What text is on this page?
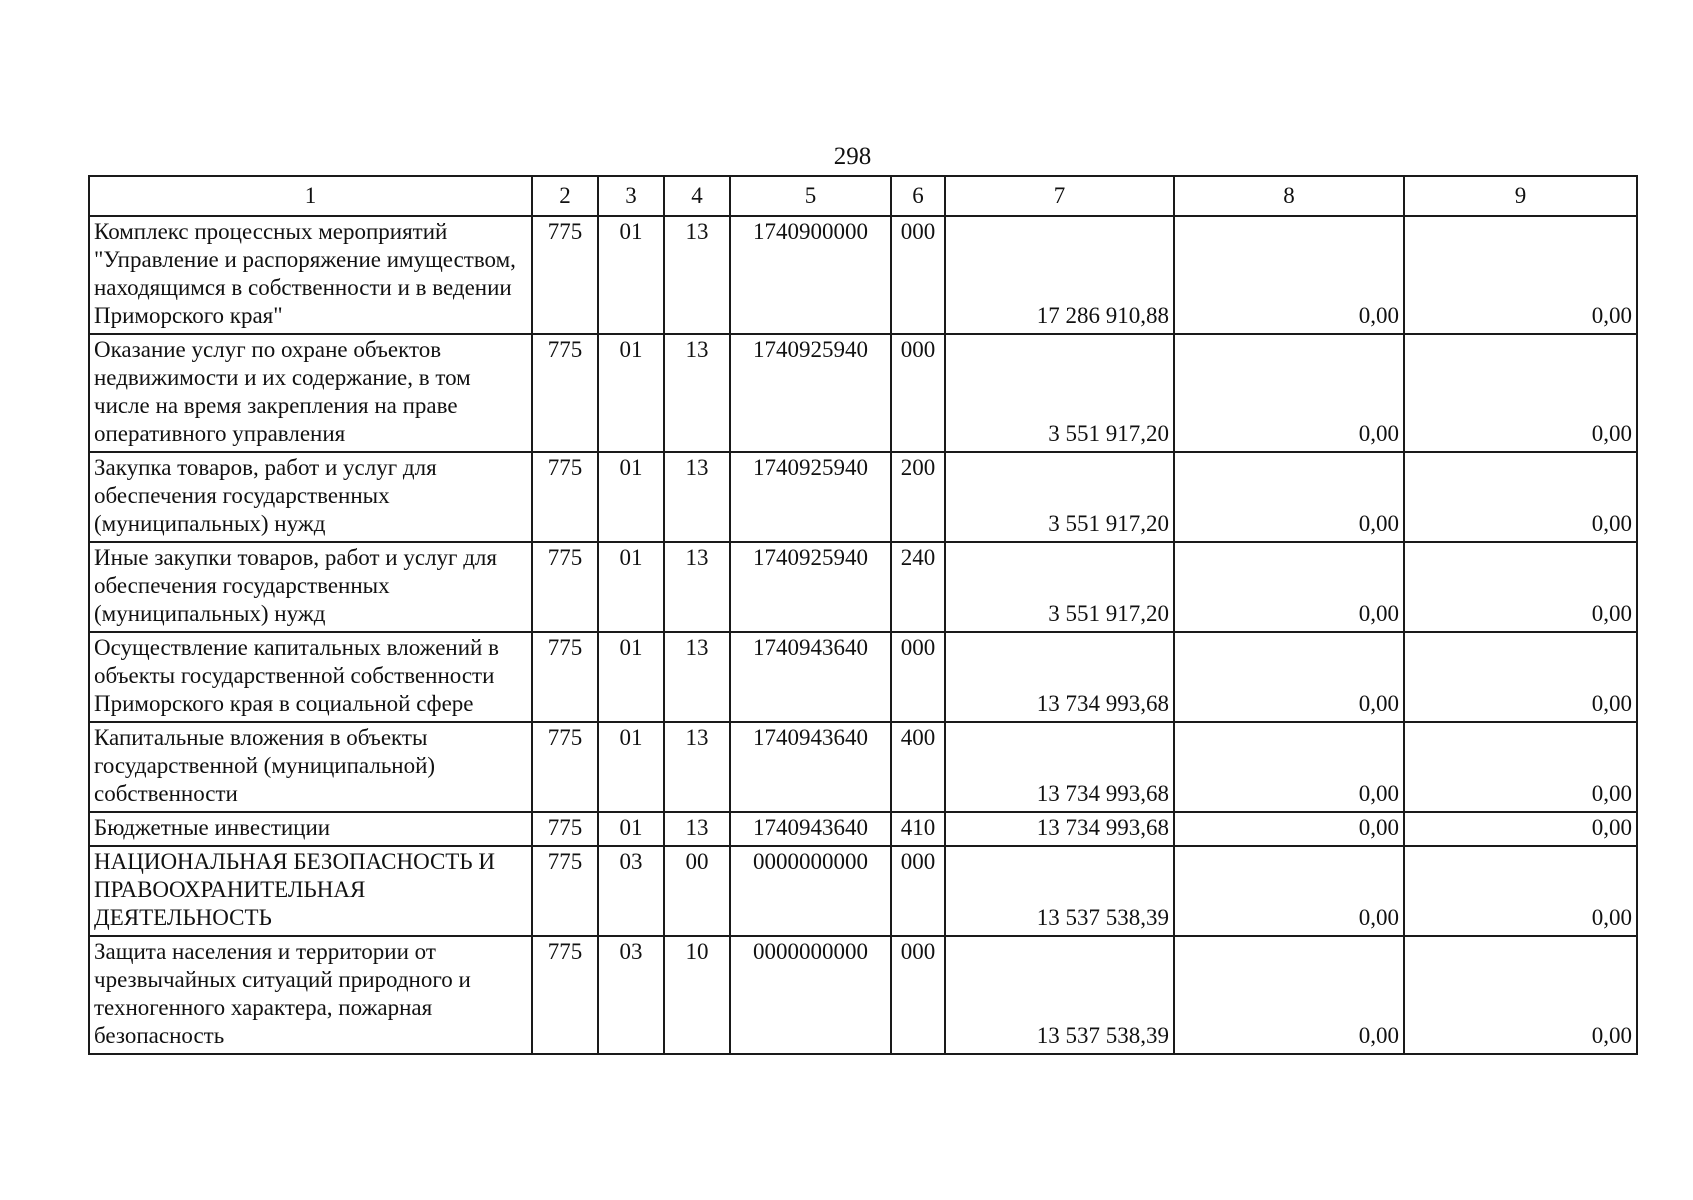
298
1	2	3	4	5	6	7	8	9
Комплекс процессных мероприятий "Управление и распоряжение имуществом, находящимся в собственности и в ведении Приморского края"	775	01	13	1740900000	000	17 286 910,88	0,00	0,00
Оказание услуг по охране объектов недвижимости и их содержание, в том числе на время закрепления на праве оперативного управления	775	01	13	1740925940	000	3 551 917,20	0,00	0,00
Закупка товаров, работ и услуг для обеспечения государственных (муниципальных) нужд	775	01	13	1740925940	200	3 551 917,20	0,00	0,00
Иные закупки товаров, работ и услуг для обеспечения государственных (муниципальных) нужд	775	01	13	1740925940	240	3 551 917,20	0,00	0,00
Осуществление капитальных вложений в объекты государственной собственности Приморского края в социальной сфере	775	01	13	1740943640	000	13 734 993,68	0,00	0,00
Капитальные вложения в объекты государственной (муниципальной) собственности	775	01	13	1740943640	400	13 734 993,68	0,00	0,00
Бюджетные инвестиции	775	01	13	1740943640	410	13 734 993,68	0,00	0,00
НАЦИОНАЛЬНАЯ БЕЗОПАСНОСТЬ И ПРАВООХРАНИТЕЛЬНАЯ ДЕЯТЕЛЬНОСТЬ	775	03	00	0000000000	000	13 537 538,39	0,00	0,00
Защита населения и территории от чрезвычайных ситуаций природного и техногенного характера, пожарная безопасность	775	03	10	0000000000	000	13 537 538,39	0,00	0,00
